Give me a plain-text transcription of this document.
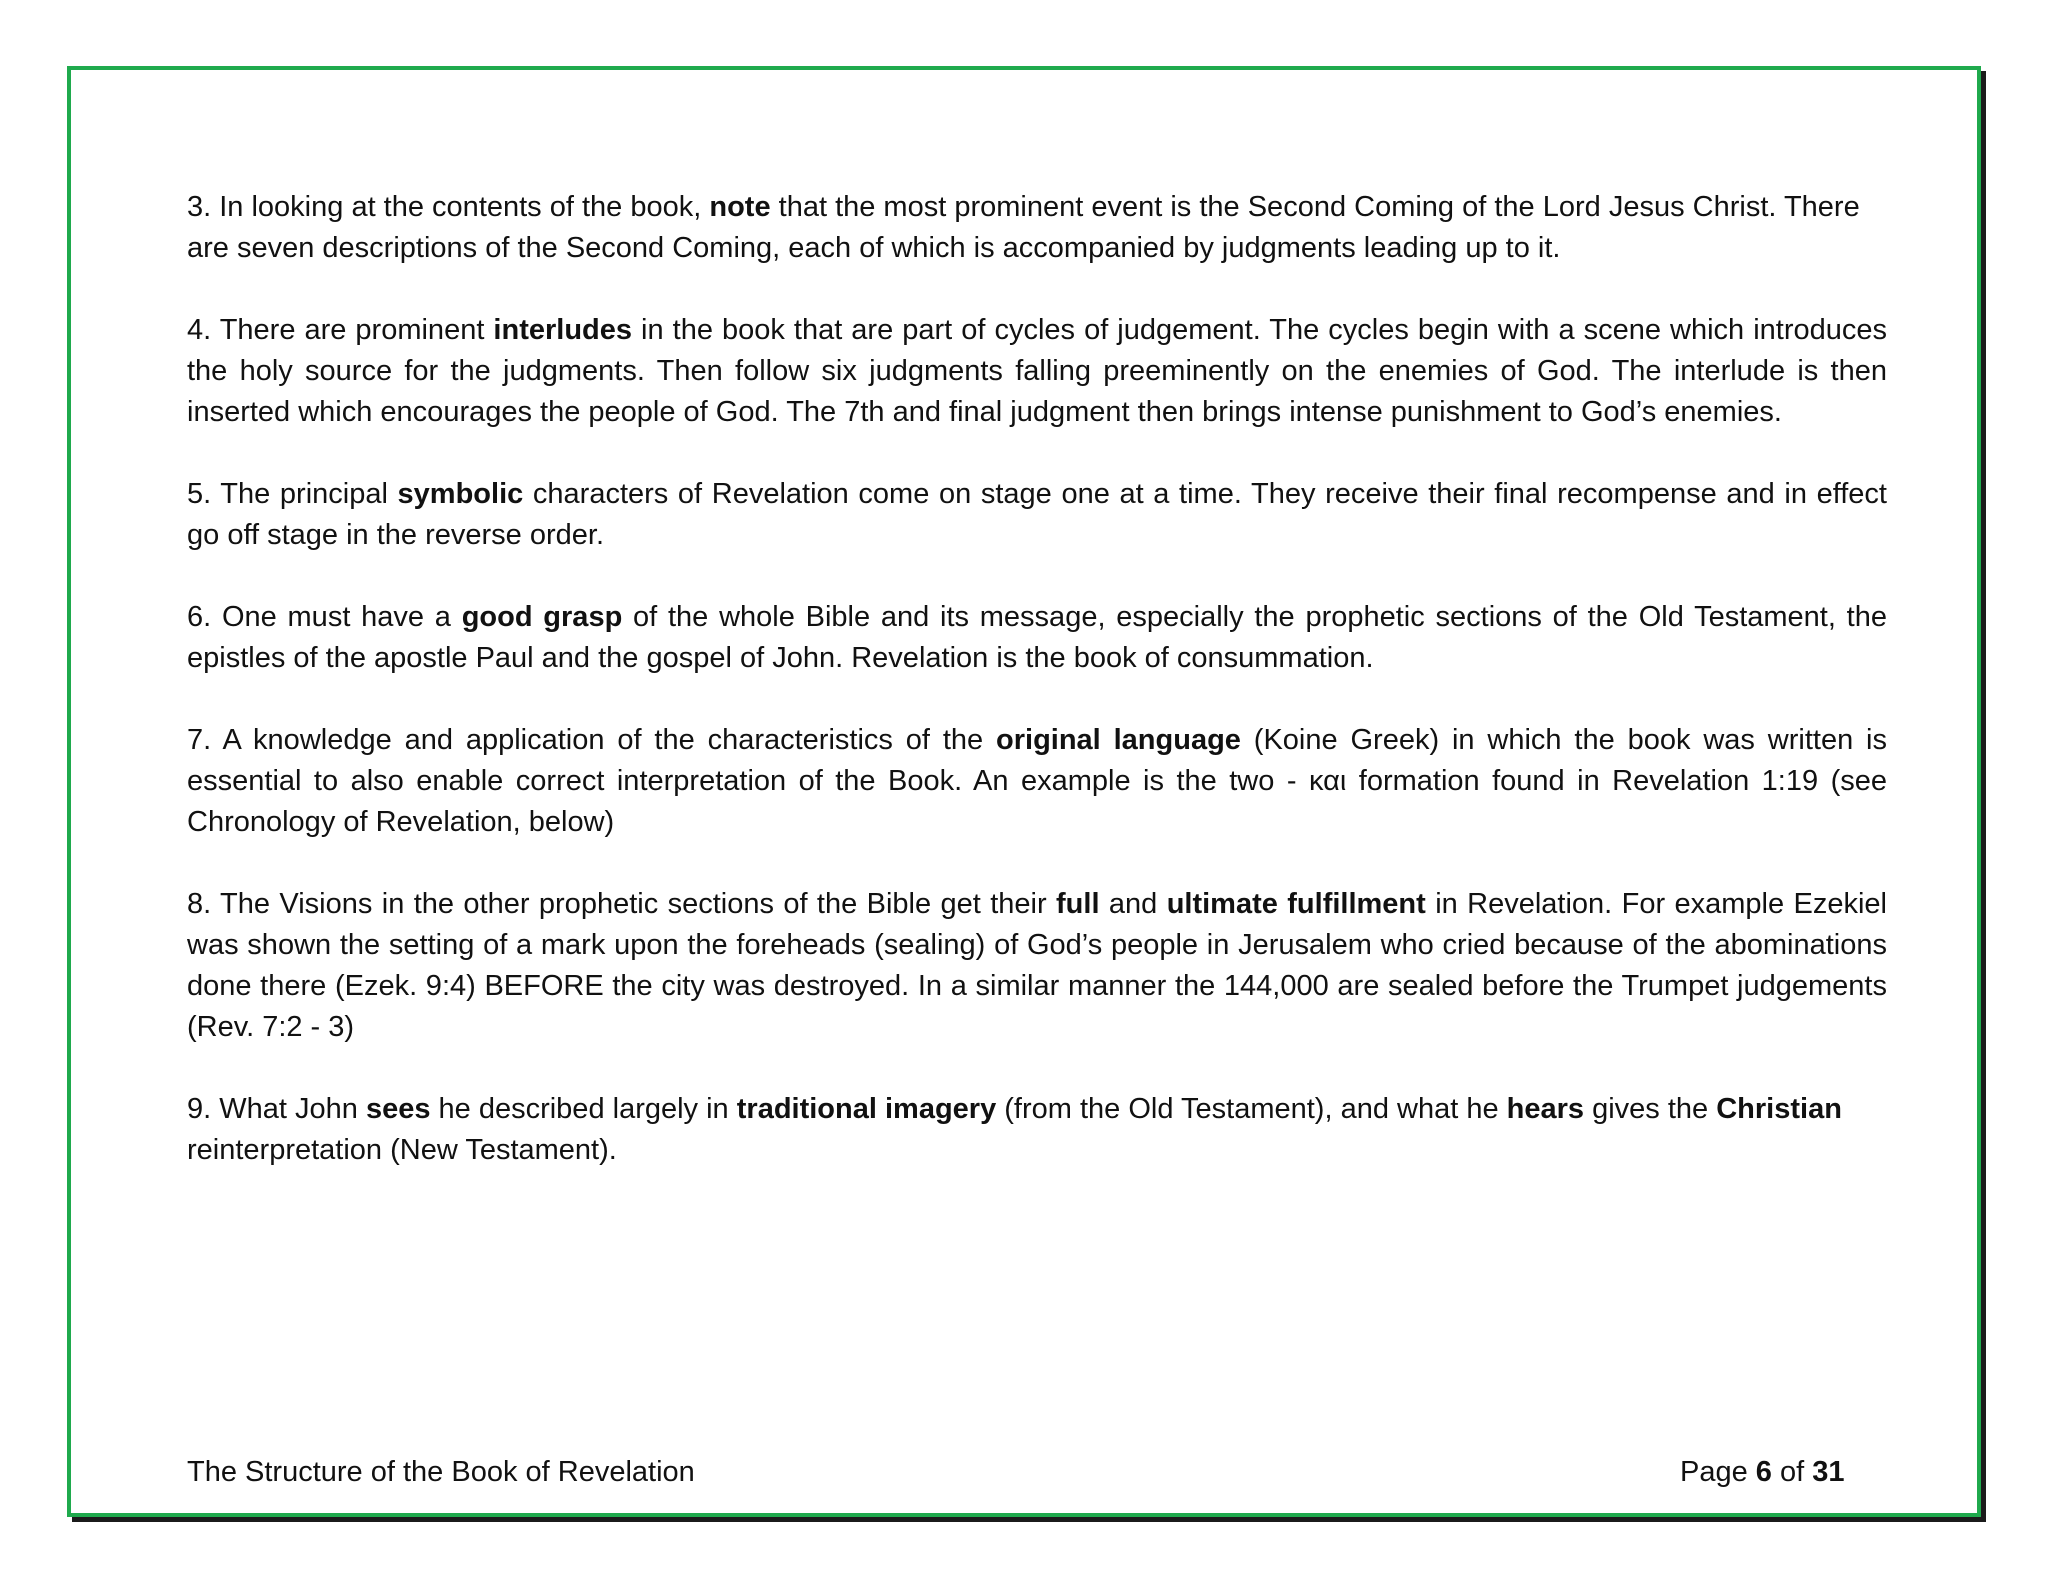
3. In looking at the contents of the book, note that the most prominent event is the Second Coming of the Lord Jesus Christ. There are seven descriptions of the Second Coming, each of which is accompanied by judgments leading up to it.

4. There are prominent interludes in the book that are part of cycles of judgement. The cycles begin with a scene which introduces the holy source for the judgments. Then follow six judgments falling preeminently on the enemies of God. The interlude is then inserted which encourages the people of God. The 7th and final judgment then brings intense punishment to God’s enemies.

5. The principal symbolic characters of Revelation come on stage one at a time. They receive their final recompense and in effect go off stage in the reverse order.

6. One must have a good grasp of the whole Bible and its message, especially the prophetic sections of the Old Testament, the epistles of the apostle Paul and the gospel of John. Revelation is the book of consummation.

7. A knowledge and application of the characteristics of the original language (Koine Greek) in which the book was written is essential to also enable correct interpretation of the Book. An example is the two - και formation found in Revelation 1:19 (see Chronology of Revelation, below)

8. The Visions in the other prophetic sections of the Bible get their full and ultimate fulfillment in Revelation. For example Ezekiel was shown the setting of a mark upon the foreheads (sealing) of God’s people in Jerusalem who cried because of the abominations done there (Ezek. 9:4) BEFORE the city was destroyed. In a similar manner the 144,000 are sealed before the Trumpet judgements (Rev. 7:2 - 3)

9. What John sees he described largely in traditional imagery (from the Old Testament), and what he hears gives the Christian reinterpretation (New Testament).

The Structure of the Book of Revelation	Page 6 of 31
